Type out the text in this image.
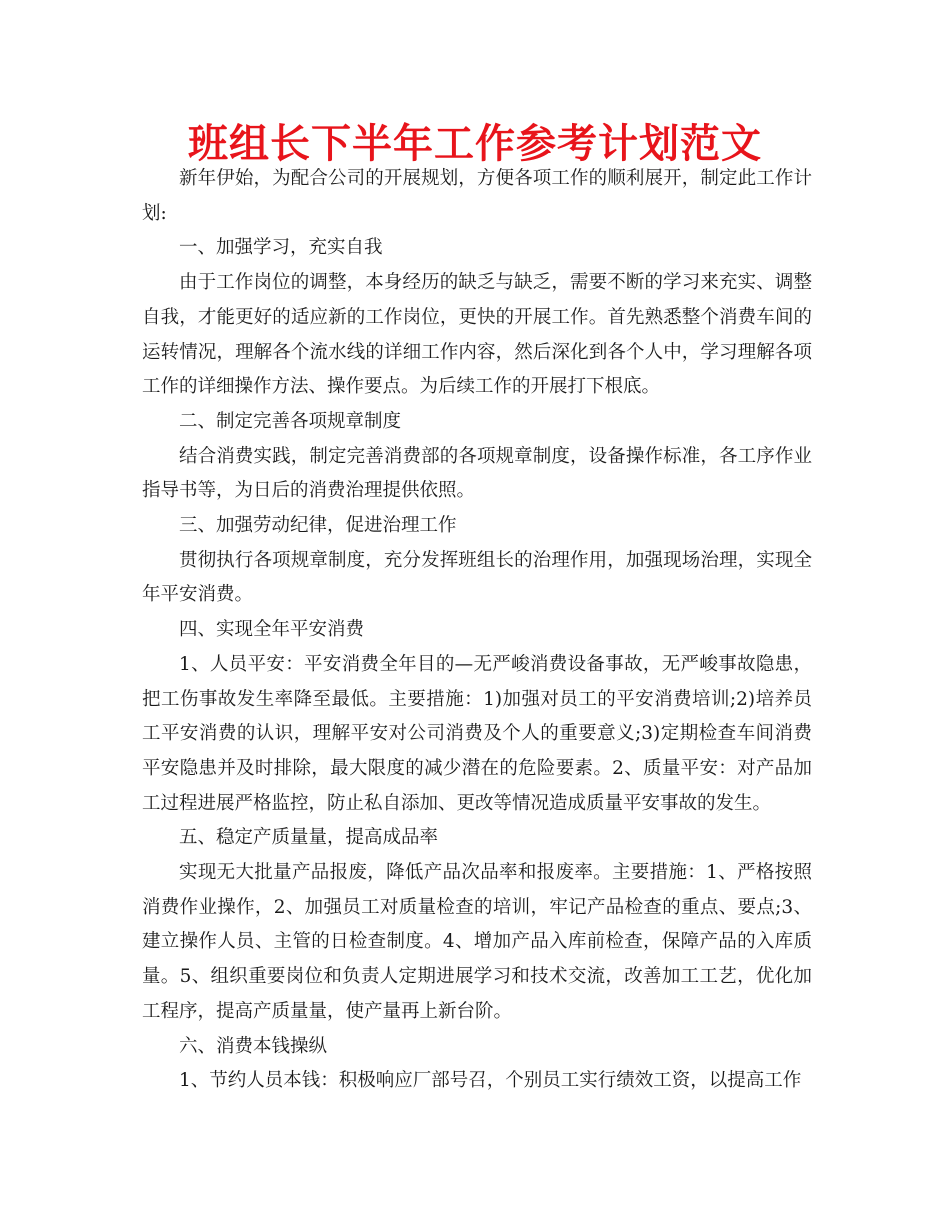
班组长下半年工作参考计划范文

新年伊始，为配合公司的开展规划，方便各项工作的顺利展开，制定此工作计划:

一、加强学习，充实自我

由于工作岗位的调整，本身经历的缺乏与缺乏，需要不断的学习来充实、调整自我，才能更好的适应新的工作岗位，更快的开展工作。首先熟悉整个消费车间的运转情况，理解各个流水线的详细工作内容，然后深化到各个人中，学习理解各项工作的详细操作方法、操作要点。为后续工作的开展打下根底。

二、制定完善各项规章制度

结合消费实践，制定完善消费部的各项规章制度，设备操作标准，各工序作业指导书等，为日后的消费治理提供依照。

三、加强劳动纪律，促进治理工作

贯彻执行各项规章制度，充分发挥班组长的治理作用，加强现场治理，实现全年平安消费。

四、实现全年平安消费

1、人员平安：平安消费全年目的—无严峻消费设备事故，无严峻事故隐患，把工伤事故发生率降至最低。主要措施：1)加强对员工的平安消费培训;2)培养员工平安消费的认识，理解平安对公司消费及个人的重要意义;3)定期检查车间消费平安隐患并及时排除，最大限度的减少潜在的危险要素。2、质量平安：对产品加工过程进展严格监控，防止私自添加、更改等情况造成质量平安事故的发生。

五、稳定产质量量，提高成品率

实现无大批量产品报废，降低产品次品率和报废率。主要措施：1、严格按照消费作业操作，2、加强员工对质量检查的培训，牢记产品检查的重点、要点;3、建立操作人员、主管的日检查制度。4、增加产品入库前检查，保障产品的入库质量。5、组织重要岗位和负责人定期进展学习和技术交流，改善加工工艺，优化加工程序，提高产质量量，使产量再上新台阶。

六、消费本钱操纵

1、节约人员本钱：积极响应厂部号召，个别员工实行绩效工资，以提高工作
